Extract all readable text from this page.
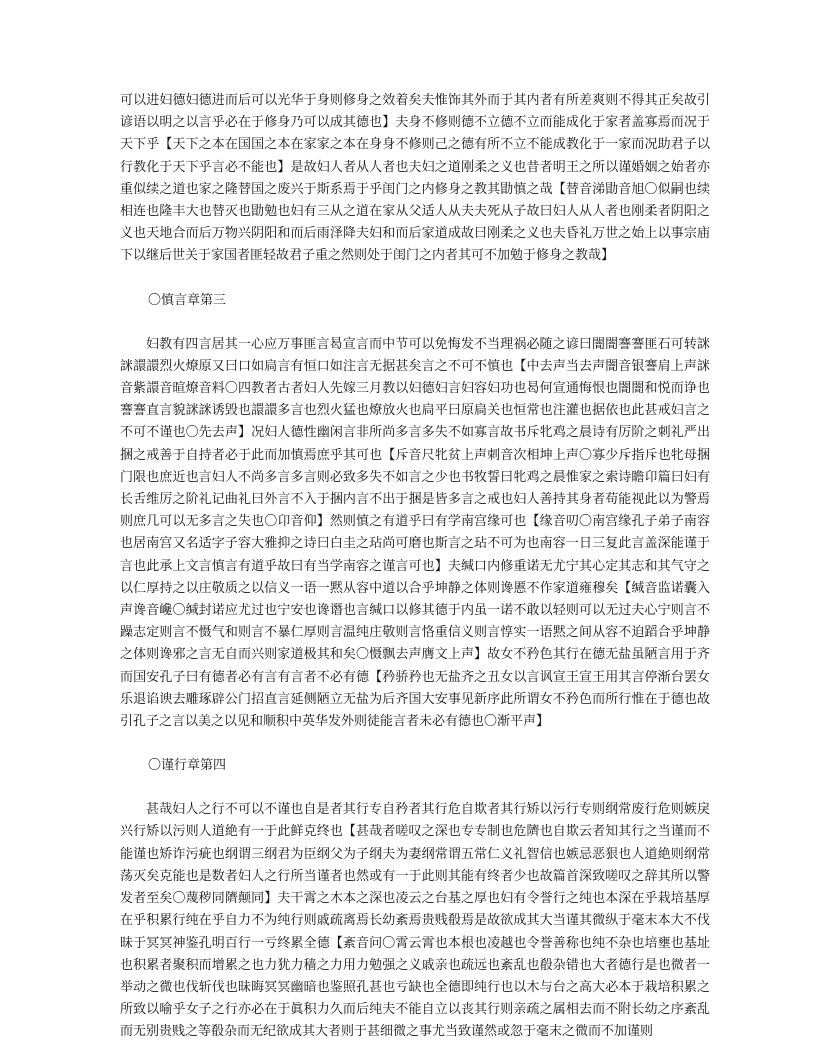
可以进妇德妇德进而后可以光华于身则修身之效着矣夫惟饰其外而于其内者有所差爽则不得其正矣故引谚语以明之以言乎必在于修身乃可以成其德也】夫身不修则德不立德不立而能成化于家者盖寡焉而况于天下乎【天下之本在国国之本在家家之本在身身不修则己之德有所不立不能成教化于一家而况助君子以行教化于天下乎言必不能也】是故妇人者从人者也夫妇之道刚柔之义也昔者明王之所以谨婚姻之始者亦重似续之道也家之隆替国之废兴于斯系焉于乎闺门之内修身之教其勖慎之哉【替音涕勖音旭〇似嗣也续相连也隆丰大也替灭也勖勉也妇有三从之道在家从父适人从夫夫死从子故曰妇人从人者也刚柔者阴阳之义也天地合而后万物兴阴阳和而后雨泽降夫妇和而后家道成故曰刚柔之义也夫昏礼万世之始上以事宗庙下以继后世关于家国者匪轻故君子重之然则处于闺门之内者其可不加勉于修身之教哉】

〇慎言章第三

妇教有四言居其一心应万事匪言曷宣言而中节可以免悔发不当理祸必随之谚曰闇闇謇謇匪石可转詸詸譞譞烈火燎原又曰口如扃言有恒口如注言无据甚矣言之不可不慎也【中去声当去声闇音银謇肩上声詸音紫譞音暄燎音料〇四教者古者妇人先嫁三月教以妇德妇言妇容妇功也曷何宣通悔恨也闇闇和悦而诤也謇謇直言貌詸詸诱毁也譞譞多言也烈火猛也燎放火也扃平曰原扃关也恒常也注灌也据依也此甚戒妇言之不可不谨也〇先去声】况妇人德性幽闲言非所尚多言多失不如寡言故书斥牝鸡之晨诗有厉阶之刺礼严出捆之戒善于自持者必于此而加慎焉庶乎其可也【斥音尺牝贫上声刺音次相坤上声〇寡少斥指斥也牝母捆门限也庶近也言妇人不尚多言多言则必致多失不如言之少也书牧誓曰牝鸡之晨惟家之索诗瞻卬篇曰妇有长舌维厉之阶礼记曲礼曰外言不入于捆内言不出于捆是皆多言之戒也妇人善持其身者苟能视此以为警焉则庶几可以无多言之失也〇卬音仰】然则慎之有道乎曰有学南宫缘可也【缘音叨〇南宫缘孔子弟子南容也居南宫又名适字子容大雅抑之诗曰白圭之玷尚可磨也斯言之玷不可为也南容一日三复此言盖深能谨于言也此承上文言慎言有道乎故曰有当学南容之谨言可也】夫缄口内修重诺无尤宁其心定其志和其气守之以仁厚持之以庄敬质之以信义一语一黙从容中道以合乎坤静之体则谗慝不作家道雍穆矣【缄音监诺囊入声谗音巉〇缄封诺应尤过也宁安也谗谮也言缄口以修其德于内虽一诺不敢以轻则可以无过夫心宁则言不躁志定则言不慑气和则言不暴仁厚则言温纯庄敬则言恪重信义则言惇实一语黙之间从容不迫蹈合乎坤静之体则谗邪之言无自而兴则家道极其和矣〇慑飘去声膺文上声】故女不矜色其行在德无盐虽陋言用于齐而国安孔子曰有德者必有言有言者不必有德【矜骄矜也无盐齐之丑女以言讽宣王宣王用其言停渐台罢女乐退谄谀去雕琢辟公门招直言延侧陋立无盐为后齐国大安事见新序此所谓女不矜色而所行惟在于德也故引孔子之言以美之以见和顺积中英华发外则徒能言者未必有德也〇渐平声】

〇谨行章第四

甚哉妇人之行不可以不谨也自是者其行专自矜者其行危自欺者其行矫以污行专则纲常废行危则嫉戾兴行矫以污则人道絶有一于此鲜克终也【甚哉者嗟叹之深也专专制也危隮也自欺云者知其行之当谨而不能谨也矫诈污疵也纲谓三纲君为臣纲父为子纲夫为妻纲常谓五常仁义礼智信也嫉忌恶狠也人道絶则纲常荡灭矣克能也是数者妇人之行所当谨者也然或有一于此则其能有终者少也故篇首深致嗟叹之辞其所以警发者至矣〇蔑秽同隮颠同】夫干霄之木本之深也凌云之台基之厚也妇有令誉行之纯也本深在乎栽培基厚在乎积累行纯在乎自力不为纯行则戚疏离焉长幼紊焉贵贱殽焉是故欲成其大当谨其微纵于毫末本大不伐昧于冥冥神鉴孔明百行一亏终累全德【紊音问〇霄云霄也本根也凌越也令誉善称也纯不杂也培壅也基址也积累者聚积而增累之也力犹力穑之力用力勉强之义戚亲也疏远也紊乱也殽杂错也大者德行是也微者一举动之微也伐斩伐也昧晦冥冥幽暗也鉴照孔甚也亏缺也全德即纯行也以木与台之高大必本于栽培积累之所致以喻乎女子之行亦必在于眞积力久而后纯夫不能自立以丧其行则亲疏之属相去而不附长幼之序紊乱而无别贵贱之等殽杂而无纪欲成其大者则于甚细微之事尤当致谨然或忽于毫末之微而不加谨则
